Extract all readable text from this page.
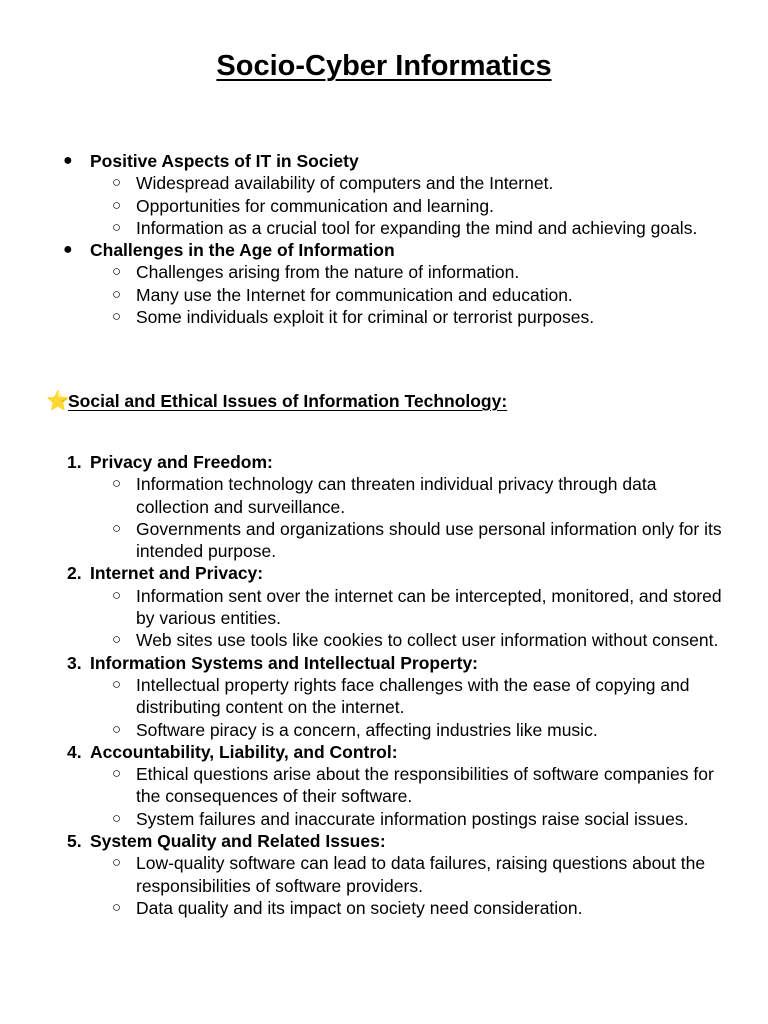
Socio-Cyber Informatics
● Positive Aspects of IT in Society
○ Widespread availability of computers and the Internet.
○ Opportunities for communication and learning.
○ Information as a crucial tool for expanding the mind and achieving goals.
● Challenges in the Age of Information
○ Challenges arising from the nature of information.
○ Many use the Internet for communication and education.
○ Some individuals exploit it for criminal or terrorist purposes.
⭐Social and Ethical Issues of Information Technology:
1. Privacy and Freedom:
○ Information technology can threaten individual privacy through data collection and surveillance.
○ Governments and organizations should use personal information only for its intended purpose.
2. Internet and Privacy:
○ Information sent over the internet can be intercepted, monitored, and stored by various entities.
○ Web sites use tools like cookies to collect user information without consent.
3. Information Systems and Intellectual Property:
○ Intellectual property rights face challenges with the ease of copying and distributing content on the internet.
○ Software piracy is a concern, affecting industries like music.
4. Accountability, Liability, and Control:
○ Ethical questions arise about the responsibilities of software companies for the consequences of their software.
○ System failures and inaccurate information postings raise social issues.
5. System Quality and Related Issues:
○ Low-quality software can lead to data failures, raising questions about the responsibilities of software providers.
○ Data quality and its impact on society need consideration.
